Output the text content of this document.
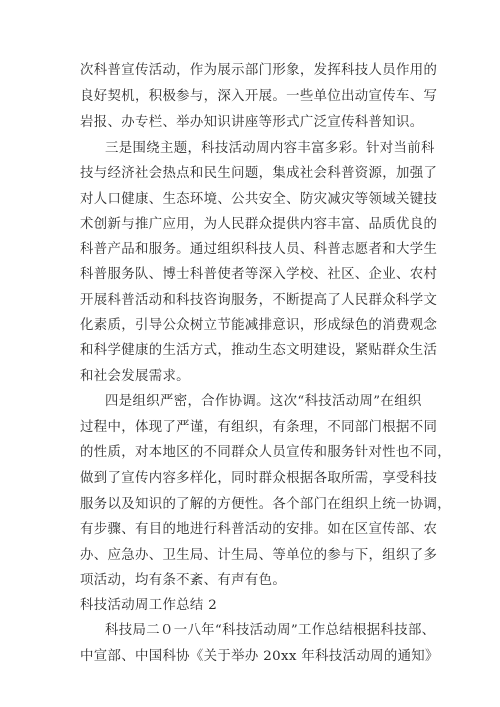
次科普宣传活动，作为展示部门形象，发挥科技人员作用的
良好契机，积极参与，深入开展。一些单位出动宣传车、写
岩报、办专栏、举办知识讲座等形式广泛宣传科普知识。
三是围绕主题，科技活动周内容丰富多彩。针对当前科
技与经济社会热点和民生问题，集成社会科普资源，加强了
对人口健康、生态环境、公共安全、防灾减灾等领域关键技
术创新与推广应用，为人民群众提供内容丰富、品质优良的
科普产品和服务。通过组织科技人员、科普志愿者和大学生
科普服务队、博士科普使者等深入学校、社区、企业、农村
开展科普活动和科技咨询服务，不断提高了人民群众科学文
化素质，引导公众树立节能减排意识，形成绿色的消费观念
和科学健康的生活方式，推动生态文明建设，紧贴群众生活
和社会发展需求。
四是组织严密，合作协调。这次“科技活动周”在组织
过程中，体现了严谨，有组织，有条理，不同部门根据不同
的性质，对本地区的不同群众人员宣传和服务针对性也不同，
做到了宣传内容多样化，同时群众根据各取所需，享受科技
服务以及知识的了解的方便性。各个部门在组织上统一协调，
有步骤、有目的地进行科普活动的安排。如在区宣传部、农
办、应急办、卫生局、计生局、等单位的参与下，组织了多
项活动，均有条不紊、有声有色。
科技活动周工作总结 2
科技局二０一八年“科技活动周”工作总结根据科技部、
中宣部、中国科协《关于举办 20xx 年科技活动周的通知》
